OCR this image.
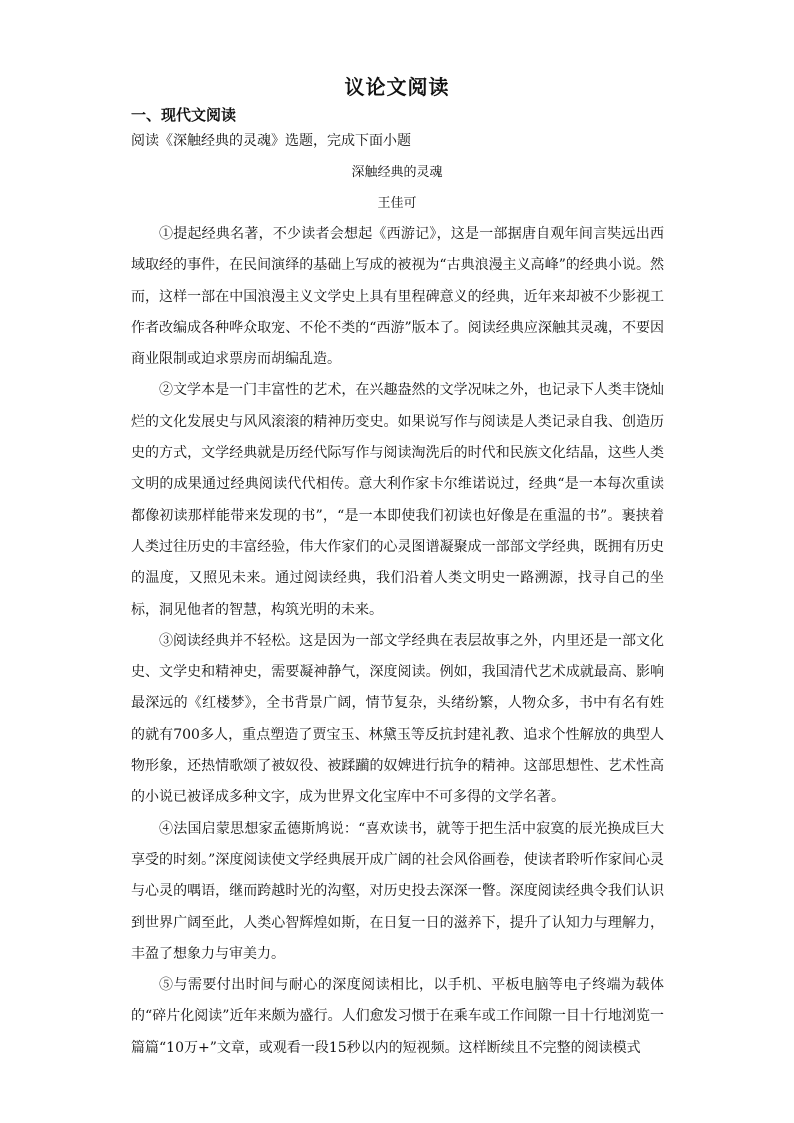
议论文阅读
一、现代文阅读
阅读《深触经典的灵魂》选题，完成下面小题
深触经典的灵魂
王佳可

①提起经典名著，不少读者会想起《西游记》，这是一部据唐自观年间言奘远出西域取经的事件，在民间演绎的基础上写成的被视为“古典浪漫主义高峰”的经典小说。然而，这样一部在中国浪漫主义文学史上具有里程碑意义的经典，近年来却被不少影视工作者改编成各种哗众取宠、不伦不类的“西游”版本了。阅读经典应深触其灵魂，不要因商业限制或迫求票房而胡编乱造。

②文学本是一门丰富性的艺术，在兴趣盎然的文学况味之外，也记录下人类丰饶灿烂的文化发展史与风风滚滚的精神历变史。如果说写作与阅读是人类记录自我、创造历史的方式，文学经典就是历经代际写作与阅读淘洗后的时代和民族文化结晶，这些人类文明的成果通过经典阅读代代相传。意大利作家卡尔维诺说过，经典“是一本每次重读都像初读那样能带来发现的书”，“是一本即使我们初读也好像是在重温的书”。裹挟着人类过往历史的丰富经验，伟大作家们的心灵图谱凝聚成一部部文学经典，既拥有历史的温度，又照见未来。通过阅读经典，我们沿着人类文明史一路溯源，找寻自己的坐标，洞见他者的智慧，构筑光明的未来。

③阅读经典并不轻松。这是因为一部文学经典在表层故事之外，内里还是一部文化史、文学史和精神史，需要凝神静气，深度阅读。例如，我国清代艺术成就最高、影响最深远的《红楼梦》，全书背景广阔，情节复杂，头绪纷繁，人物众多，书中有名有姓的就有700多人，重点塑造了贾宝玉、林黛玉等反抗封建礼教、追求个性解放的典型人物形象，还热情歌颂了被奴役、被蹂躏的奴婢进行抗争的精神。这部思想性、艺术性高的小说已被译成多种文字，成为世界文化宝库中不可多得的文学名著。

④法国启蒙思想家孟德斯鸠说：“喜欢读书，就等于把生活中寂寞的辰光换成巨大享受的时刻。”深度阅读使文学经典展开成广阔的社会风俗画卷，使读者聆听作家间心灵与心灵的喁语，继而跨越时光的沟壑，对历史投去深深一瞥。深度阅读经典令我们认识到世界广阔至此，人类心智辉煌如斯，在日复一日的滋养下，提升了认知力与理解力，丰盈了想象力与审美力。

⑤与需要付出时间与耐心的深度阅读相比，以手机、平板电脑等电子终端为载体的“碎片化阅读”近年来颇为盛行。人们愈发习惯于在乘车或工作间隙一目十行地浏览一篇篇“10万+”文章，或观看一段15秒以内的短视频。这样断续且不完整的阅读模式
